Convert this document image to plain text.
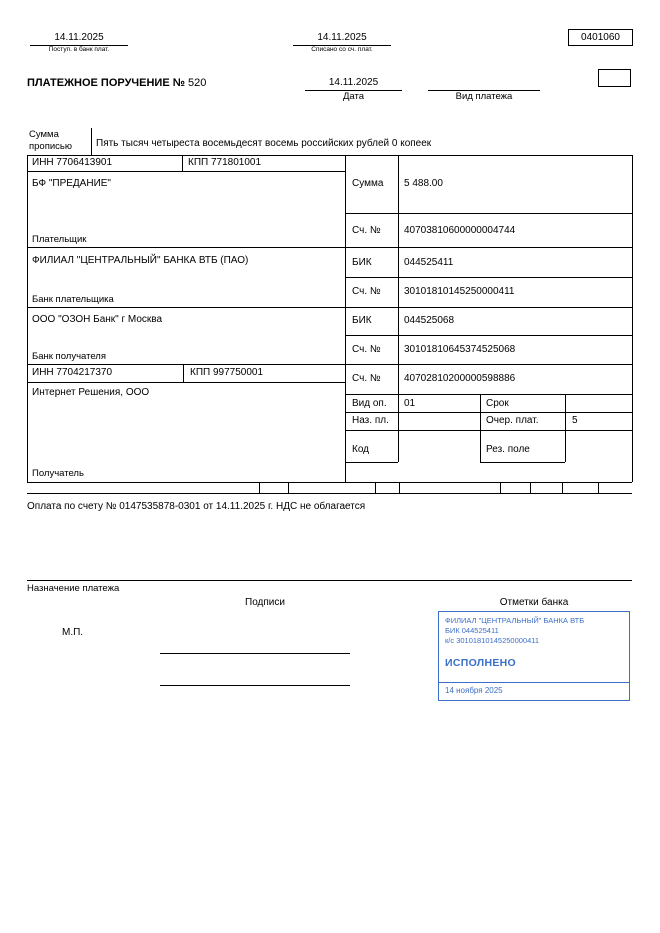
14.11.2025
Поступ. в банк плат.
14.11.2025
Списано со сч. плат.
0401060
ПЛАТЕЖНОЕ ПОРУЧЕНИЕ № 520	14.11.2025
Дата	Вид платежа
Сумма прописью	Пять тысяч четыреста восемьдесят восемь российских рублей 0 копеек
ИНН 7706413901	КПП 771801001
БФ "ПРЕДАНИЕ"
Плательщик
ФИЛИАЛ "ЦЕНТРАЛЬНЫЙ" БАНКА ВТБ (ПАО)
Банк плательщика
ООО "ОЗОН Банк" г Москва
Банк получателя
ИНН 7704217370	КПП 997750001
Интернет Решения, ООО
Получатель
Сумма 5 488.00
Сч. № 40703810600000004744
БИК	044525411
Сч. № 30101810145250000411
БИК	044525068
Сч. № 30101810645374525068
Сч. № 40702810200000598886
Вид оп. 01	Срок
Наз. пл.	Очер. плат.	5
Код	Рез. поле
Оплата по счету № 0147535878-0301 от 14.11.2025 г. НДС не облагается
Назначение платежа
Подписи	Отметки банка
М.П.
ФИЛИАЛ "ЦЕНТРАЛЬНЫЙ" БАНКА ВТБ
БИК 044525411
к/с 30101810145250000411
ИСПОЛНЕНО
14 ноября 2025
